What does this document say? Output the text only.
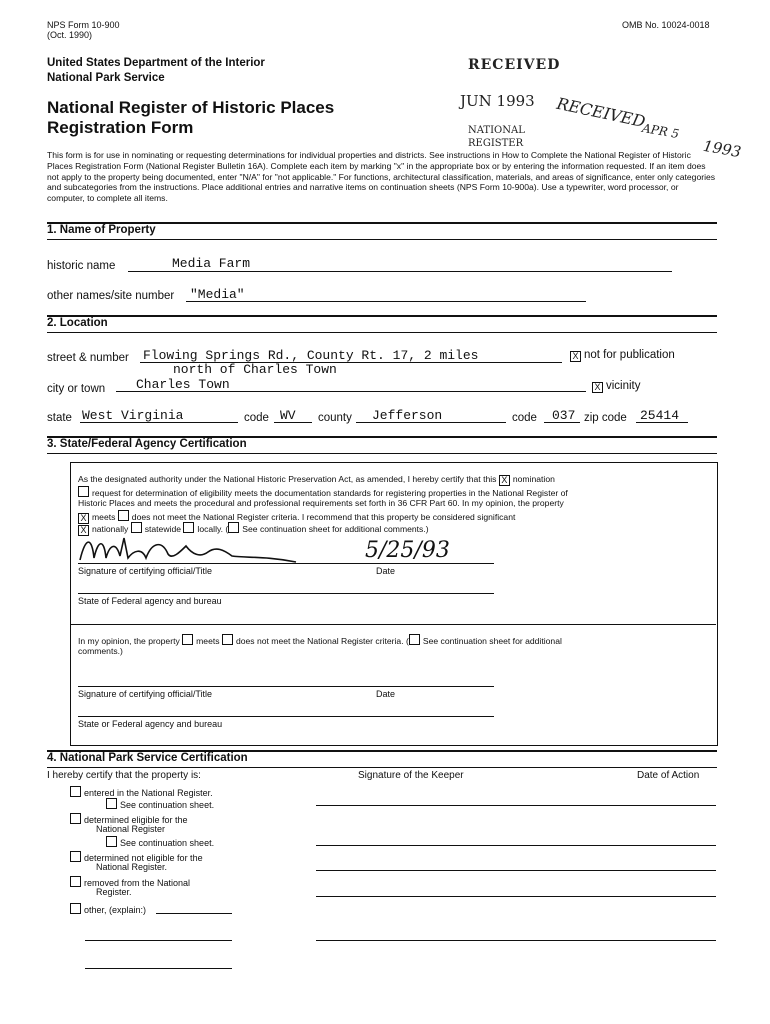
NPS Form 10-900
(Oct. 1990)
OMB No. 10024-0018
United States Department of the Interior
National Park Service
National Register of Historic Places
Registration Form
RECEIVED
JUN 1993
NATIONAL
REGISTER
RECEIVED
APR 5
1993
This form is for use in nominating or requesting determinations for individual properties and districts. See instructions in How to Complete the National Register of Historic Places Registration Form (National Register Bulletin 16A). Complete each item by marking "x" in the appropriate box or by entering the information requested. If an item does not apply to the property being documented, enter "N/A" for "not applicable." For functions, architectural classification, materials, and areas of significance, enter only categories and subcategories from the instructions. Place additional entries and narrative items on continuation sheets (NPS Form 10-900a). Use a typewriter, word processor, or computer, to complete all items.
1. Name of Property
historic name	Media Farm
other names/site number "Media"
2. Location
street & number Flowing Springs Rd., County Rt. 17, 2 miles
north of Charles Town
X not for publication
city or town Charles Town	X vicinity
state West Virginia	code WV county Jefferson	code 037 zip code 25414
3. State/Federal Agency Certification
As the designated authority under the National Historic Preservation Act, as amended, I hereby certify that this X nomination
request for determination of eligibility meets the documentation standards for registering properties in the National Register of
Historic Places and meets the procedural and professional requirements set forth in 36 CFR Part 60. In my opinion, the property
X meets does not meet the National Register criteria. I recommend that this property be considered significant
X nationally statewide locally. ( See continuation sheet for additional comments.)
5/25/93
Signature of certifying official/Title	Date
State of Federal agency and bureau
In my opinion, the property meets does not meet the National Register criteria. ( See continuation sheet for additional
comments.)
Signature of certifying official/Title	Date
State or Federal agency and bureau
4. National Park Service Certification
I hereby certify that the property is:	Signature of the Keeper	Date of Action
entered in the National Register.
See continuation sheet.
determined eligible for the
National Register
See continuation sheet.
determined not eligible for the
National Register.
removed from the National
Register.
other, (explain:)
